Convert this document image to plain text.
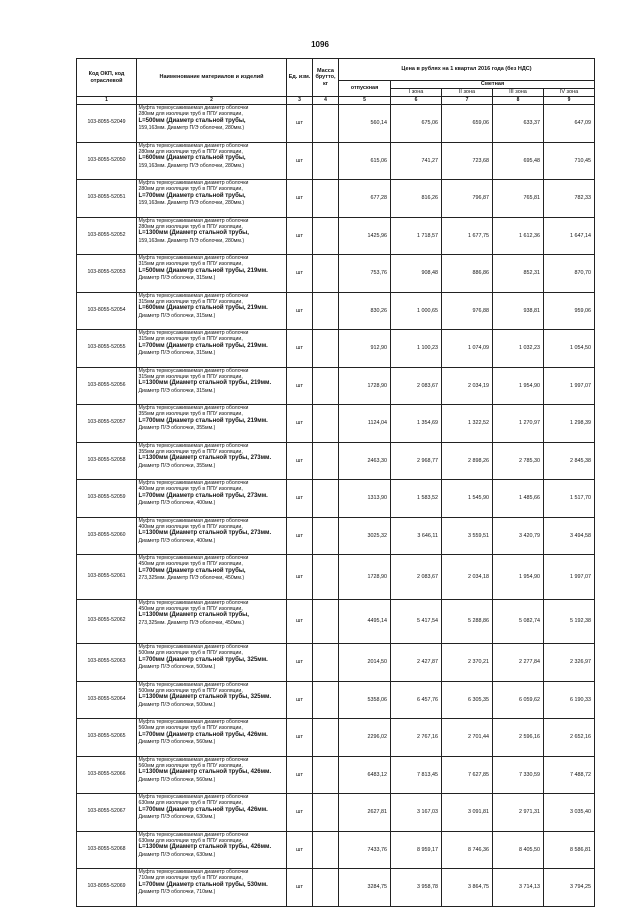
1096
Код ОКП, код отраслевой	Наименование материалов и изделий	Ед. изм.	Масса брутто, кг	Цена в рублях на 1 квартал 2016 года (без НДС)				
				отпускная	Сметная			
					I зона	II зона	III зона	IV зона
1	2	3	4	5	6	7	8	9
103-8055-52049	Муфта термоусаживаемая диаметр оболочки
280мм для изоляции труб в ППУ изоляции,
L=500мм (Диаметр стальной трубы,
159,163мм. Диаметр П/Э оболочки, 280мм.)	шт		560,14	675,06	659,06	633,37	647,09
103-8055-52050	Муфта термоусаживаемая диаметр оболочки
280мм для изоляции труб в ППУ изоляции,
L=600мм (Диаметр стальной трубы,
159,163мм. Диаметр П/Э оболочки, 280мм.)	шт		615,06	741,27	723,68	695,48	710,45
103-8055-52051	Муфта термоусаживаемая диаметр оболочки
280мм для изоляции труб в ППУ изоляции,
L=700мм (Диаметр стальной трубы,
159,163мм. Диаметр П/Э оболочки, 280мм.)	шт		677,28	816,26	796,87	765,81	782,33
103-8055-52052	Муфта термоусаживаемая диаметр оболочки
280мм для изоляции труб в ППУ изоляции,
L=1300мм (Диаметр стальной трубы,
159,163мм. Диаметр П/Э оболочки, 280мм.)	шт		1425,96	1 718,57	1 677,75	1 612,36	1 647,14
103-8055-52053	Муфта термоусаживаемая диаметр оболочки
315мм для изоляции труб в ППУ изоляции,
L=500мм (Диаметр стальной трубы, 219мм.
Диаметр П/Э оболочки, 315мм.)	шт		753,76	908,48	886,86	852,31	870,70
103-8055-52054	Муфта термоусаживаемая диаметр оболочки
315мм для изоляции труб в ППУ изоляции,
L=600мм (Диаметр стальной трубы, 219мм.
Диаметр П/Э оболочки, 315мм.)	шт		830,26	1 000,65	976,88	938,81	959,06
103-8055-52055	Муфта термоусаживаемая диаметр оболочки
315мм для изоляции труб в ППУ изоляции,
L=700мм (Диаметр стальной трубы, 219мм.
Диаметр П/Э оболочки, 315мм.)	шт		912,90	1 100,23	1 074,09	1 032,23	1 054,50
103-8055-52056	Муфта термоусаживаемая диаметр оболочки
315мм для изоляции труб в ППУ изоляции,
L=1300мм (Диаметр стальной трубы, 219мм.
Диаметр П/Э оболочки, 315мм.)	шт		1728,90	2 083,67	2 034,19	1 954,90	1 997,07
103-8055-52057	Муфта термоусаживаемая диаметр оболочки
355мм для изоляции труб в ППУ изоляции,
L=700мм (Диаметр стальной трубы, 219мм.
Диаметр П/Э оболочки, 355мм.)	шт		1124,04	1 354,69	1 322,52	1 270,97	1 298,39
103-8055-52058	Муфта термоусаживаемая диаметр оболочки
355мм для изоляции труб в ППУ изоляции,
L=1300мм (Диаметр стальной трубы, 273мм.
Диаметр П/Э оболочки, 355мм.)	шт		2463,30	2 968,77	2 898,26	2 785,30	2 845,38
103-8055-52059	Муфта термоусаживаемая диаметр оболочки
400мм для изоляции труб в ППУ изоляции,
L=700мм (Диаметр стальной трубы, 273мм.
Диаметр П/Э оболочки, 400мм.)	шт		1313,90	1 583,52	1 545,90	1 485,66	1 517,70
103-8055-52060	Муфта термоусаживаемая диаметр оболочки
400мм для изоляции труб в ППУ изоляции,
L=1300мм (Диаметр стальной трубы, 273мм.
Диаметр П/Э оболочки, 400мм.)	шт		3025,32	3 646,11	3 559,51	3 420,79	3 494,58
103-8055-52061	Муфта термоусаживаемая диаметр оболочки
450мм для изоляции труб в ППУ изоляции,
L=700мм (Диаметр стальной трубы,
273,325мм. Диаметр П/Э оболочки, 450мм.)	шт		1728,90	2 083,67	2 034,18	1 954,90	1 997,07
103-8055-52062	Муфта термоусаживаемая диаметр оболочки
450мм для изоляции труб в ППУ изоляции,
L=1300мм (Диаметр стальной трубы,
273,325мм. Диаметр П/Э оболочки, 450мм.)	шт		4495,14	5 417,54	5 288,86	5 082,74	5 192,38
103-8055-52063	Муфта термоусаживаемая диаметр оболочки
500мм для изоляции труб в ППУ изоляции,
L=700мм (Диаметр стальной трубы, 325мм.
Диаметр П/Э оболочки, 500мм.)	шт		2014,50	2 427,87	2 370,21	2 277,84	2 326,97
103-8055-52064	Муфта термоусаживаемая диаметр оболочки
500мм для изоляции труб в ППУ изоляции,
L=1300мм (Диаметр стальной трубы, 325мм.
Диаметр П/Э оболочки, 500мм.)	шт		5358,06	6 457,76	6 305,35	6 059,62	6 190,33
103-8055-52065	Муфта термоусаживаемая диаметр оболочки
560мм для изоляции труб в ППУ изоляции,
L=700мм (Диаметр стальной трубы, 426мм.
Диаметр П/Э оболочки, 560мм.)	шт		2296,02	2 767,16	2 701,44	2 596,16	2 652,16
103-8055-52066	Муфта термоусаживаемая диаметр оболочки
560мм для изоляции труб в ППУ изоляции,
L=1300мм (Диаметр стальной трубы, 426мм.
Диаметр П/Э оболочки, 560мм.)	шт		6483,12	7 813,45	7 627,85	7 330,59	7 488,72
103-8055-52067	Муфта термоусаживаемая диаметр оболочки
630мм для изоляции труб в ППУ изоляции,
L=700мм (Диаметр стальной трубы, 426мм.
Диаметр П/Э оболочки, 630мм.)	шт		2627,81	3 167,03	3 091,81	2 971,31	3 035,40
103-8055-52068	Муфта термоусаживаемая диаметр оболочки
630мм для изоляции труб в ППУ изоляции,
L=1300мм (Диаметр стальной трубы, 426мм.
Диаметр П/Э оболочки, 630мм.)	шт		7433,76	8 959,17	8 746,36	8 405,50	8 586,81
103-8055-52069	Муфта термоусаживаемая диаметр оболочки
710мм для изоляции труб в ППУ изоляции,
L=700мм (Диаметр стальной трубы, 530мм.
Диаметр П/Э оболочки, 710мм.)	шт		3284,75	3 958,78	3 864,75	3 714,13	3 794,25
